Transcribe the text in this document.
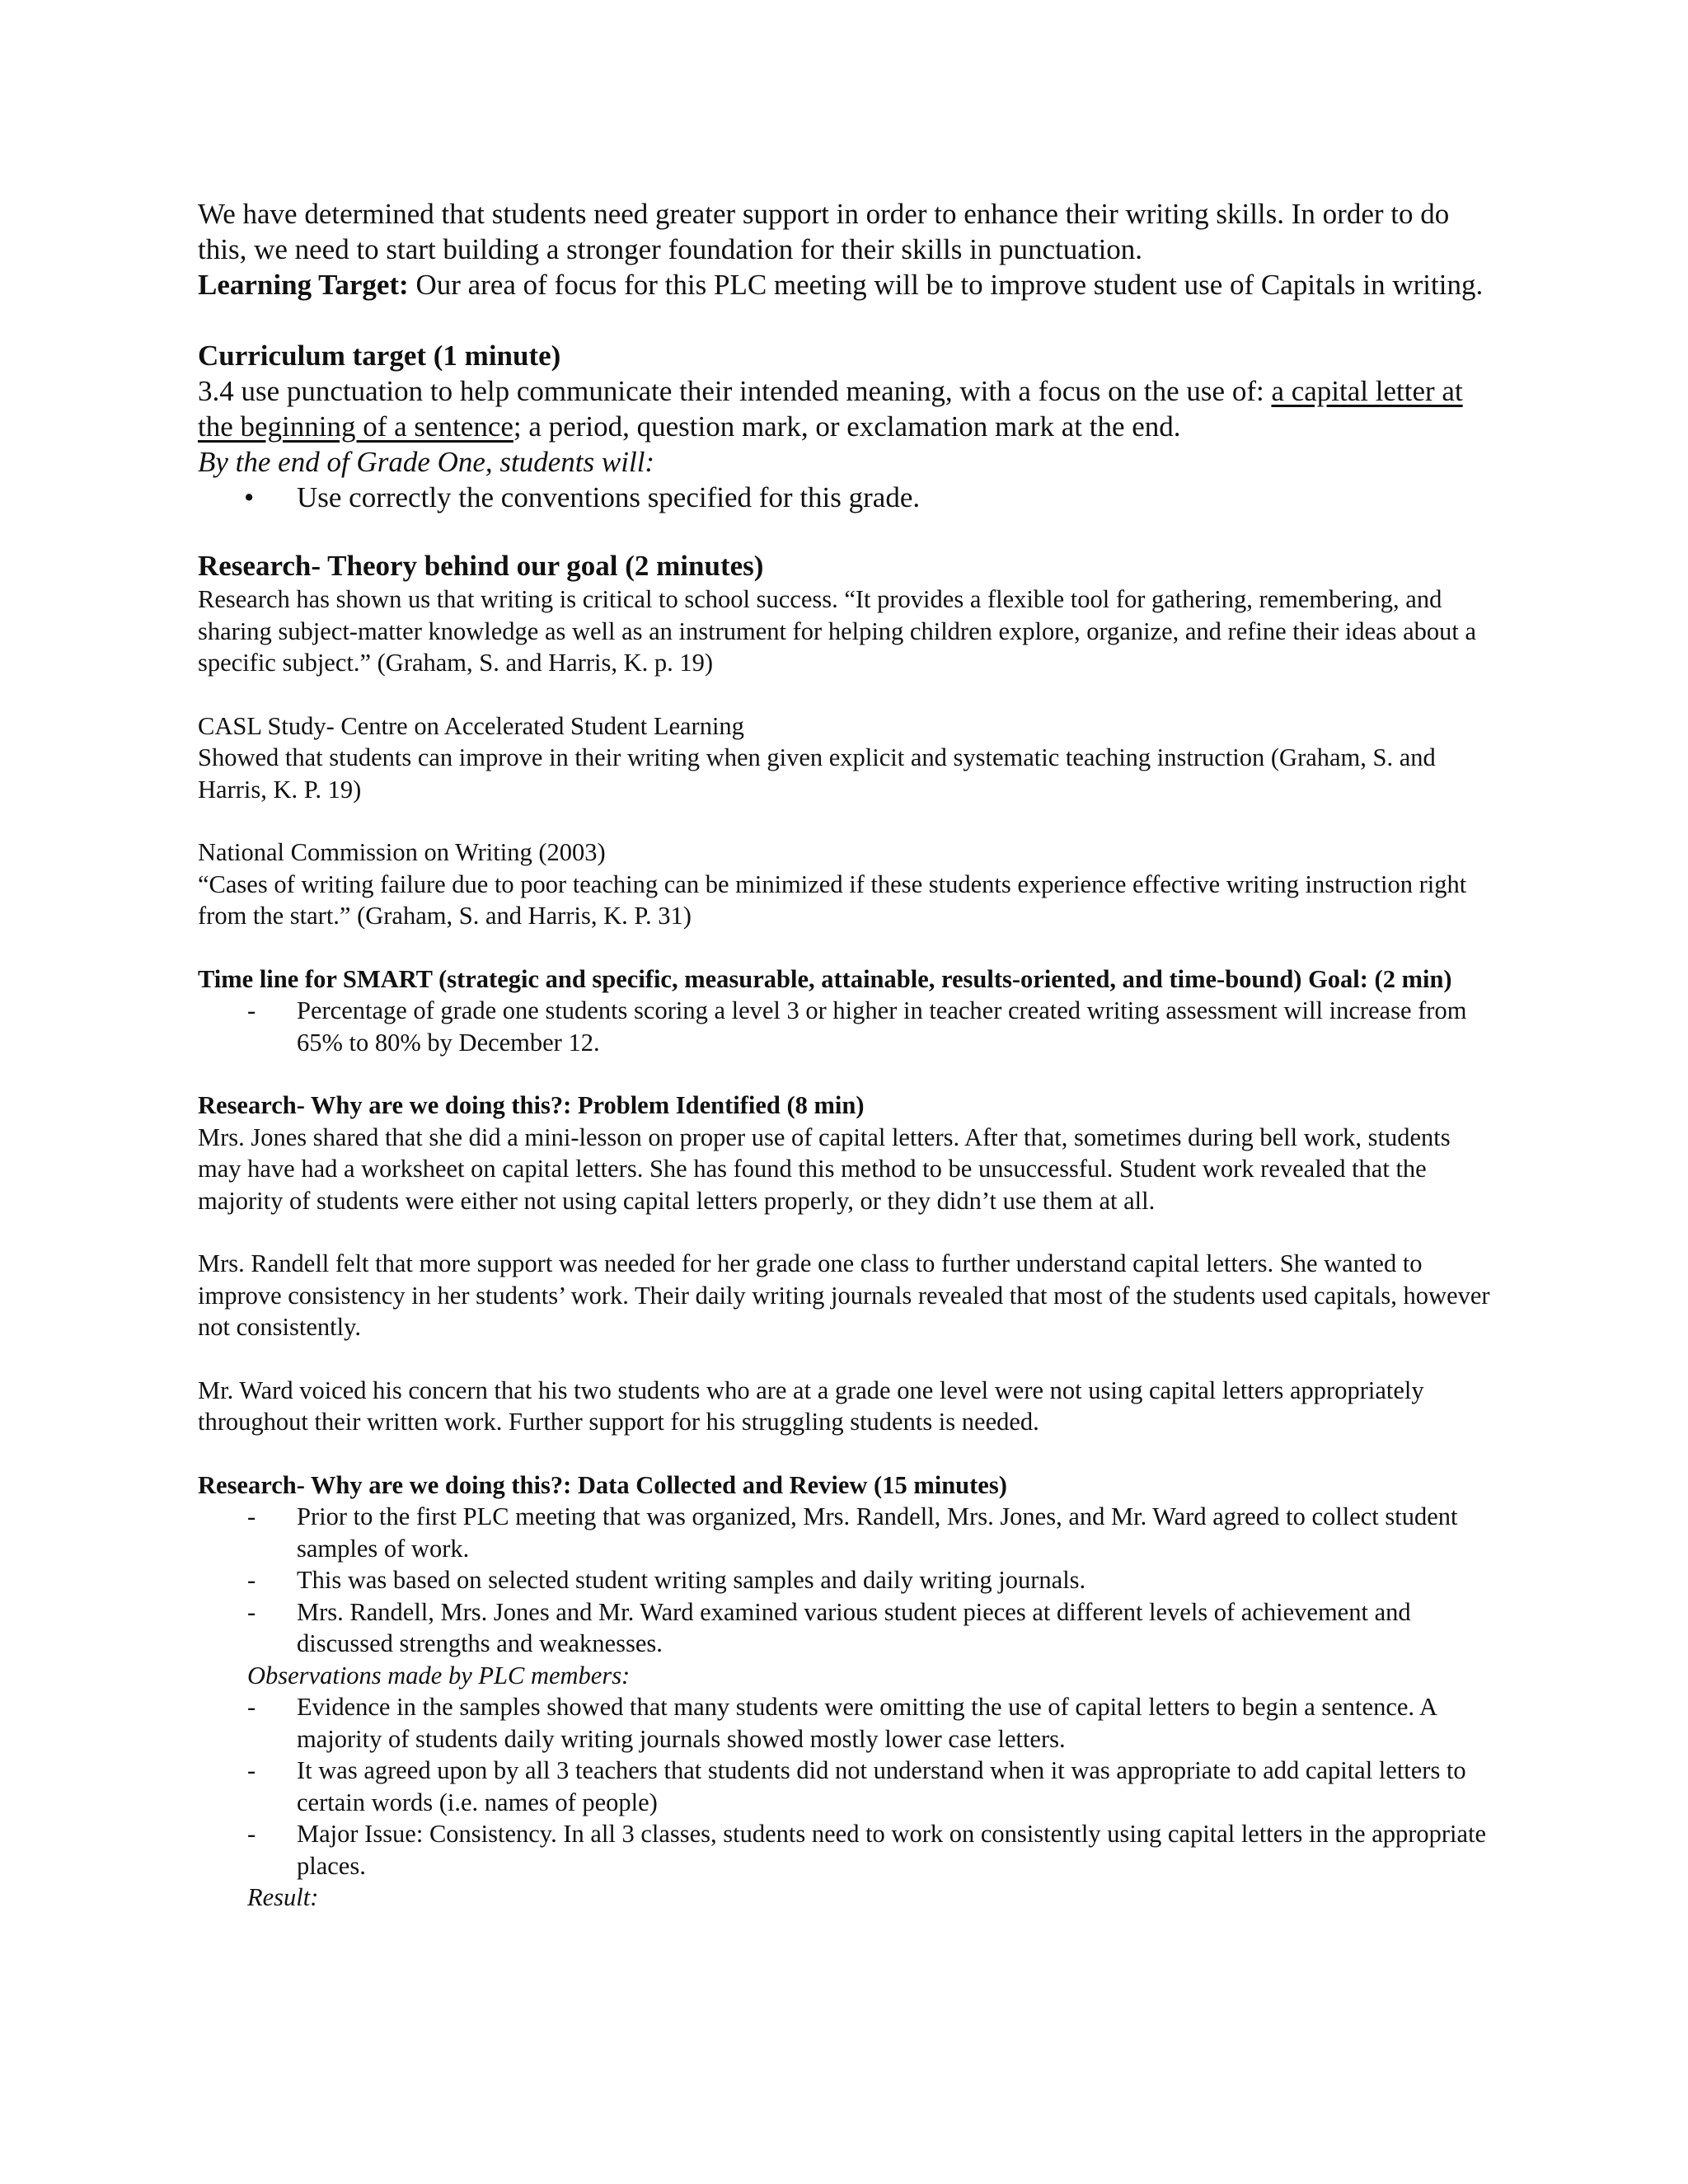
We have determined that students need greater support in order to enhance their writing skills. In order to do this, we need to start building a stronger foundation for their skills in punctuation.

Learning Target: Our area of focus for this PLC meeting will be to improve student use of Capitals in writing.

Curriculum target (1 minute)

3.4 use punctuation to help communicate their intended meaning, with a focus on the use of: a capital letter at the beginning of a sentence; a period, question mark, or exclamation mark at the end.

By the end of Grade One, students will:

• Use correctly the conventions specified for this grade.
Research- Theory behind our goal (2 minutes)

Research has shown us that writing is critical to school success. “It provides a flexible tool for gathering, remembering, and sharing subject-matter knowledge as well as an instrument for helping children explore, organize, and refine their ideas about a specific subject.” (Graham, S. and Harris, K. p. 19)

CASL Study- Centre on Accelerated Student Learning

Showed that students can improve in their writing when given explicit and systematic teaching instruction (Graham, S. and Harris, K. P. 19)

National Commission on Writing (2003)

“Cases of writing failure due to poor teaching can be minimized if these students experience effective writing instruction right from the start.” (Graham, S. and Harris, K. P. 31)

Time line for SMART (strategic and specific, measurable, attainable, results-oriented, and time-bound) Goal: (2 min)
- Percentage of grade one students scoring a level 3 or higher in teacher created writing assessment will increase from 65% to 80% by December 12.
Research- Why are we doing this?: Problem Identified (8 min)

Mrs. Jones shared that she did a mini-lesson on proper use of capital letters. After that, sometimes during bell work, students may have had a worksheet on capital letters. She has found this method to be unsuccessful. Student work revealed that the majority of students were either not using capital letters properly, or they didn’t use them at all.

Mrs. Randell felt that more support was needed for her grade one class to further understand capital letters. She wanted to improve consistency in her students’ work. Their daily writing journals revealed that most of the students used capitals, however not consistently.

Mr. Ward voiced his concern that his two students who are at a grade one level were not using capital letters appropriately throughout their written work. Further support for his struggling students is needed.

Research- Why are we doing this?: Data Collected and Review (15 minutes)
- Prior to the first PLC meeting that was organized, Mrs. Randell, Mrs. Jones, and Mr. Ward agreed to collect student samples of work.
- This was based on selected student writing samples and daily writing journals.
- Mrs. Randell, Mrs. Jones and Mr. Ward examined various student pieces at different levels of achievement and discussed strengths and weaknesses.

Observations made by PLC members:

- Evidence in the samples showed that many students were omitting the use of capital letters to begin a sentence. A majority of students daily writing journals showed mostly lower case letters.
- It was agreed upon by all 3 teachers that students did not understand when it was appropriate to add capital letters to certain words (i.e. names of people)
- Major Issue: Consistency. In all 3 classes, students need to work on consistently using capital letters in the appropriate places.

Result:
